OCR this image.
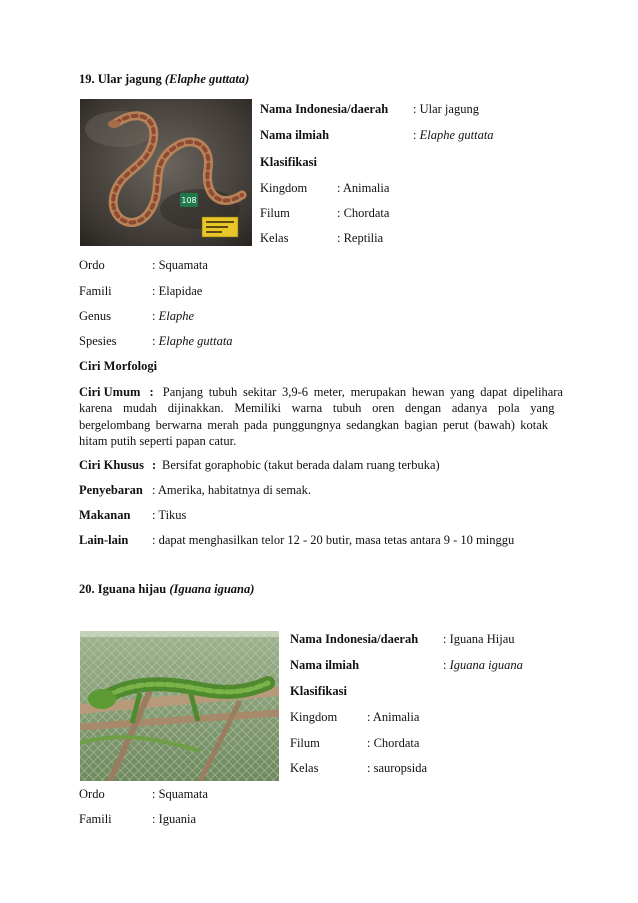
19. Ular jagung (Elaphe guttata)
108
Nama Indonesia/daerah : Ular jagung
Nama ilmiah	: Elaphe guttata
Klasifikasi
Kingdom : Animalia
Filum	: Chordata
Kelas	: Reptilia
Ordo	: Squamata
Famili	: Elapidae
Genus	: Elaphe
Spesies	: Elaphe guttata
Ciri Morfologi
Ciri Umum : Panjang tubuh sekitar 3,9-6 meter, merupakan hewan yang dapat dipelihara
karena mudah dijinakkan. Memiliki warna tubuh oren dengan adanya pola yang
bergelombang berwarna merah pada punggungnya sedangkan bagian perut (bawah) kotak
hitam putih seperti papan catur.
Ciri Khusus : Bersifat goraphobic (takut berada dalam ruang terbuka)
Penyebaran : Amerika, habitatnya di semak.
Makanan : Tikus
Lain-lain : dapat menghasilkan telor 12 - 20 butir, masa tetas antara 9 - 10 minggu
20. Iguana hijau (Iguana iguana)
Nama Indonesia/daerah : Iguana Hijau
Nama ilmiah	: Iguana iguana
Klasifikasi
Kingdom : Animalia
Filum	: Chordata
Kelas	: sauropsida
Ordo	: Squamata
Famili	: Iguania
